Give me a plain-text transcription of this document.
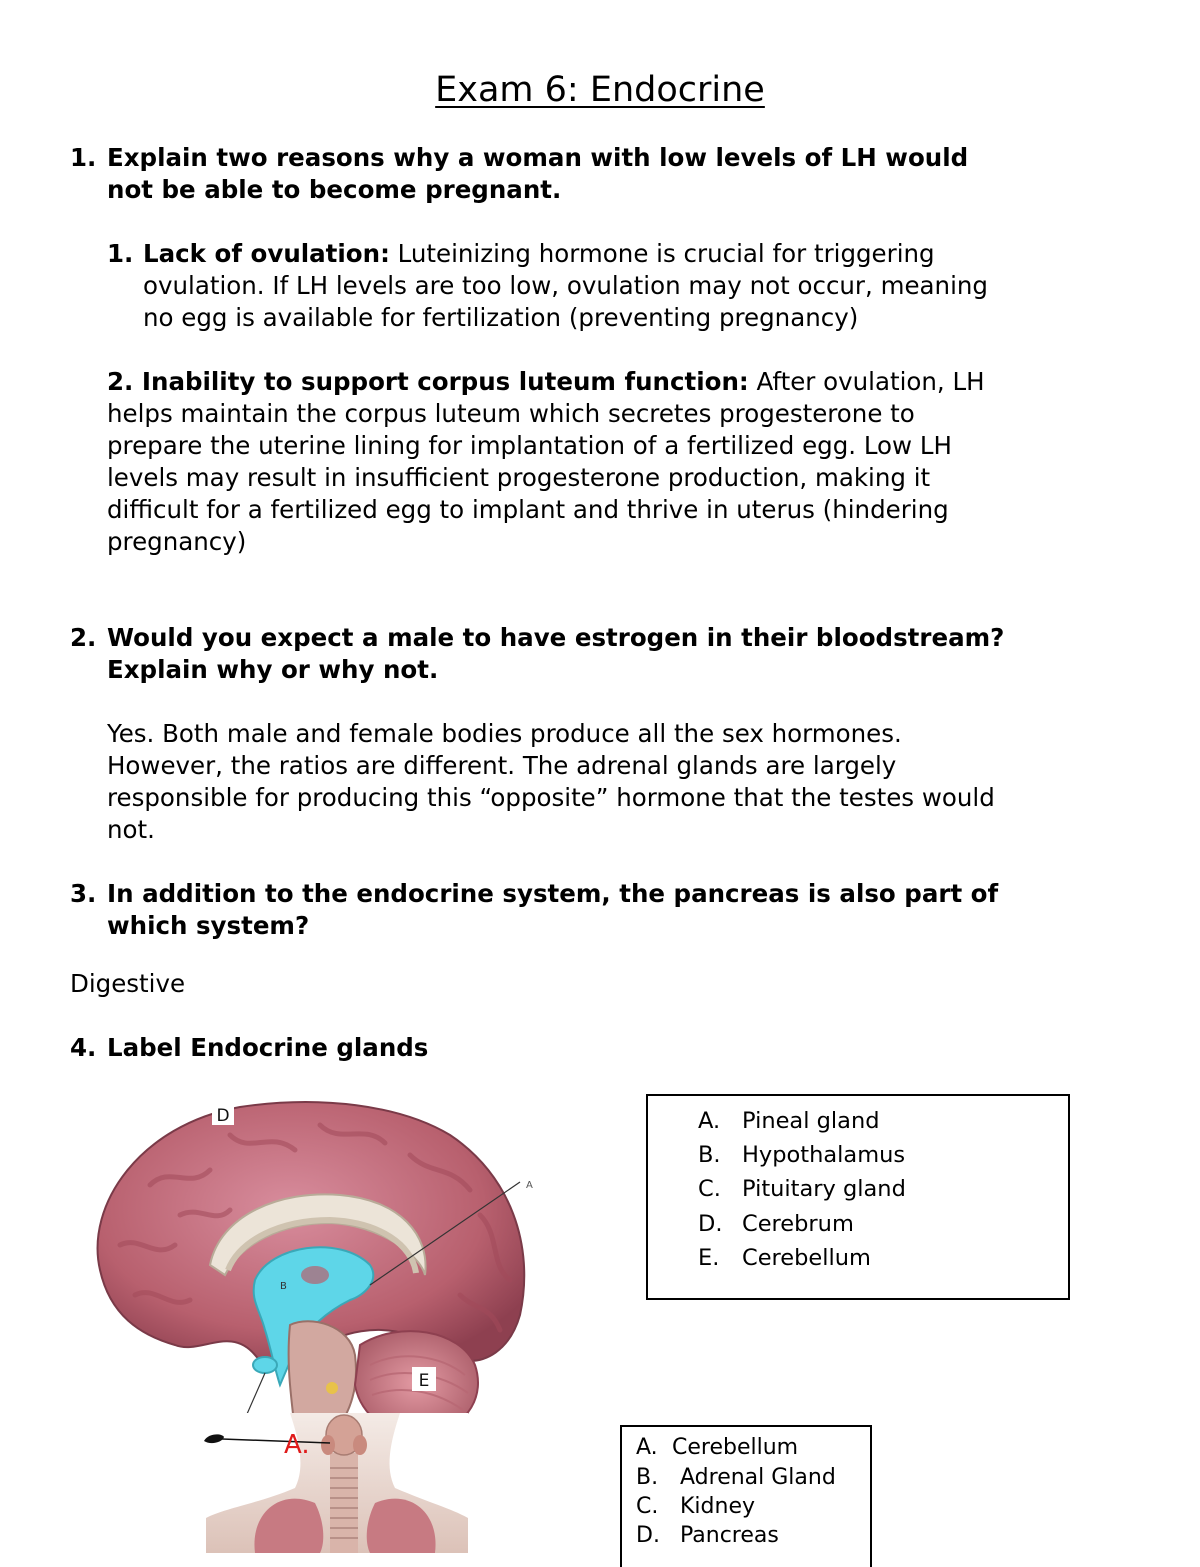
Exam 6: Endocrine
1. Explain two reasons why a woman with low levels of LH would
not be able to become pregnant.
1. Lack of ovulation: Luteinizing hormone is crucial for triggering
ovulation. If LH levels are too low, ovulation may not occur, meaning
no egg is available for fertilization (preventing pregnancy)
2. Inability to support corpus luteum function: After ovulation, LH
helps maintain the corpus luteum which secretes progesterone to
prepare the uterine lining for implantation of a fertilized egg. Low LH
levels may result in insufficient progesterone production, making it
difficult for a fertilized egg to implant and thrive in uterus (hindering
pregnancy)
2. Would you expect a male to have estrogen in their bloodstream?
Explain why or why not.
Yes. Both male and female bodies produce all the sex hormones.
However, the ratios are different. The adrenal glands are largely
responsible for producing this “opposite” hormone that the testes would
not.
3. In addition to the endocrine system, the pancreas is also part of
which system?
Digestive
4. Label Endocrine glands
D
A
B
E
A.
A. Pineal gland
B. Hypothalamus
C. Pituitary gland
D. Cerebrum
E. Cerebellum
A. Cerebellum
B. Adrenal Gland
C. Kidney
D. Pancreas
